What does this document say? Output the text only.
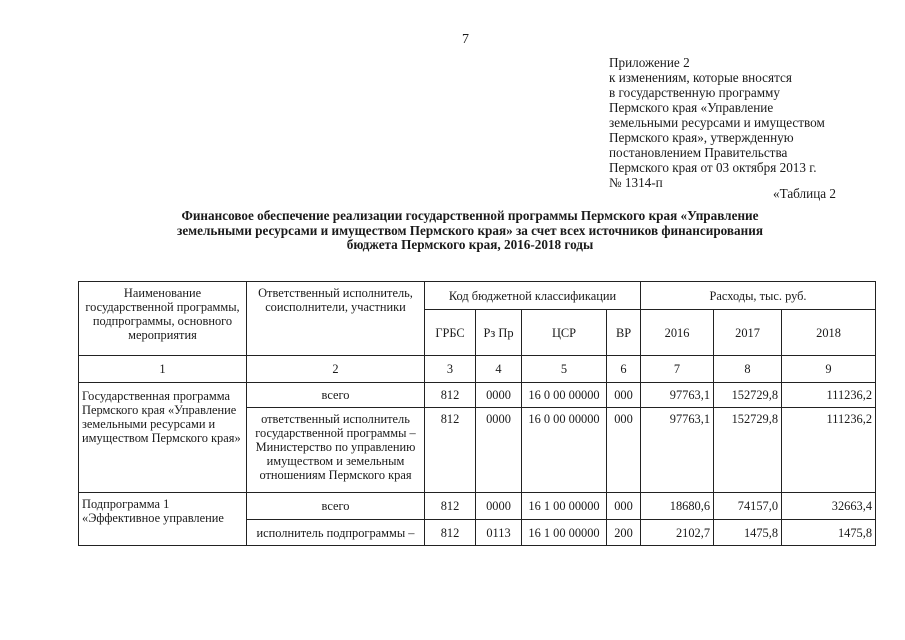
7
Приложение 2
к изменениям, которые вносятся
в государственную программу
Пермского края «Управление
земельными ресурсами и имуществом
Пермского края», утвержденную
постановлением Правительства
Пермского края от 03 октября 2013 г.
№ 1314-п
«Таблица 2
Финансовое обеспечение реализации государственной программы Пермского края «Управление земельными ресурсами и имуществом Пермского края» за счет всех источников финансирования бюджета Пермского края, 2016-2018 годы
Наименование государственной программы, подпрограммы, основного мероприятия	Ответственный исполнитель, соисполнители, участники	Код бюджетной классификации				Расходы, тыс. руб.		
		ГРБС	Рз Пр	ЦСР	ВР	2016	2017	2018
1	2	3	4	5	6	7	8	9
Государственная программа Пермского края «Управление земельными ресурсами и имуществом Пермского края»	всего	812	0000	16 0 00 00000	000	97763,1	152729,8	111236,2
	ответственный исполнитель государственной программы – Министерство по управлению имуществом и земельным отношениям Пермского края	812	0000	16 0 00 00000	000	97763,1	152729,8	111236,2
Подпрограмма 1 «Эффективное управление	всего	812	0000	16 1 00 00000	000	18680,6	74157,0	32663,4
	исполнитель подпрограммы –	812	0113	16 1 00 00000	200	2102,7	1475,8	1475,8
